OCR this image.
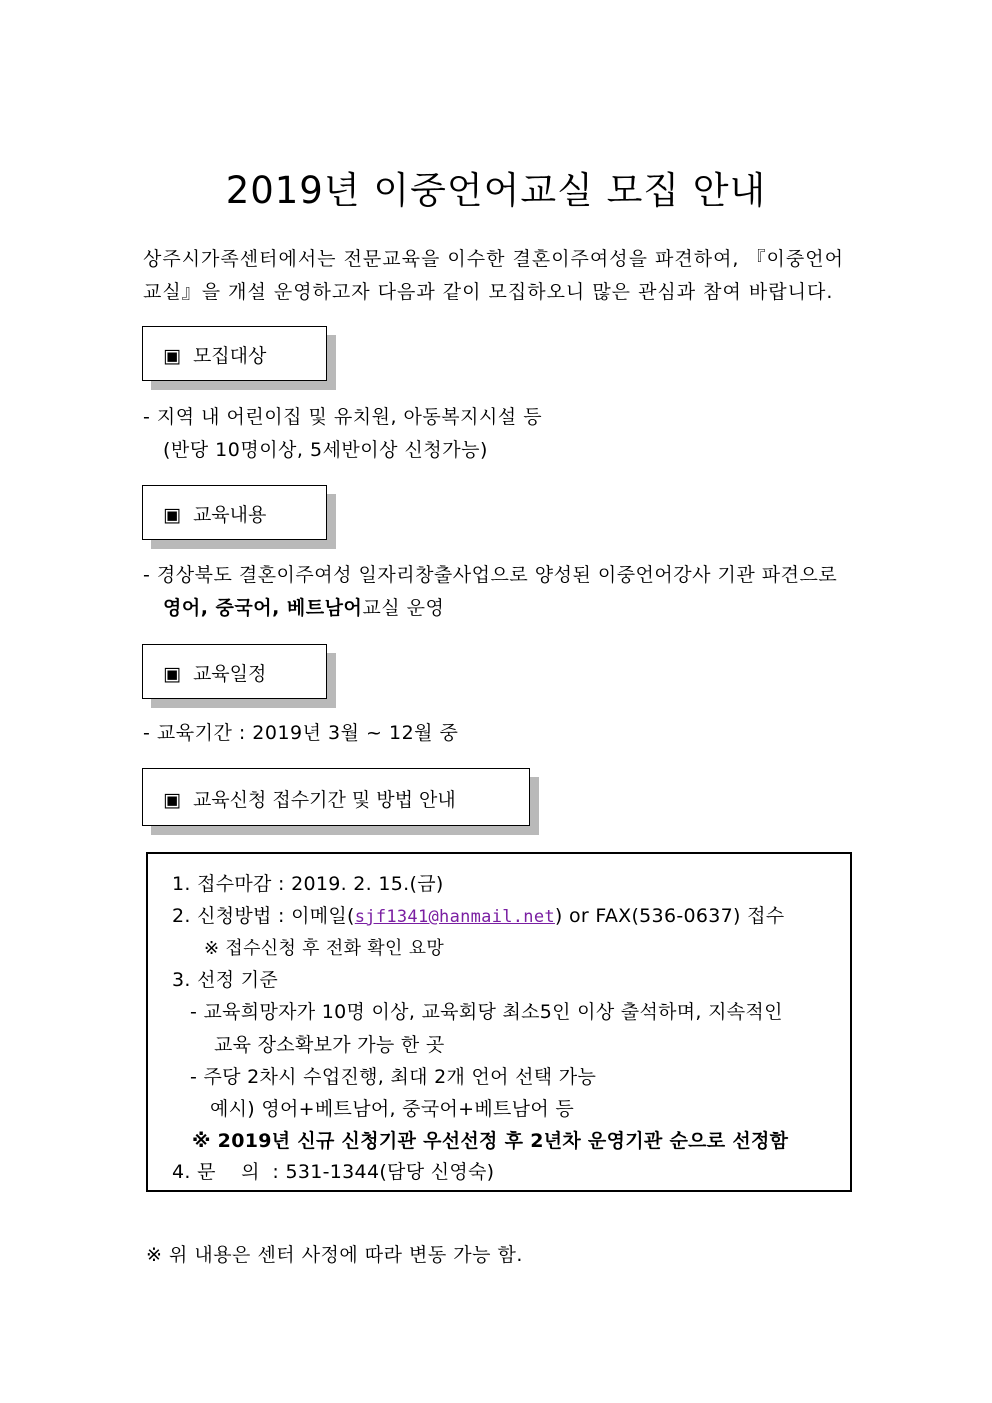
2019년 이중언어교실 모집 안내
상주시가족센터에서는 전문교육을 이수한 결혼이주여성을 파견하여, 『이중언어
교실』을 개설 운영하고자 다음과 같이 모집하오니 많은 관심과 참여 바랍니다.
▣ 모집대상
- 지역 내 어린이집 및 유치원, 아동복지시설 등
(반당 10명이상, 5세반이상 신청가능)
▣ 교육내용
- 경상북도 결혼이주여성 일자리창출사업으로 양성된 이중언어강사 기관 파견으로
영어, 중국어, 베트남어교실 운영
▣ 교육일정
- 교육기간 : 2019년 3월 ~ 12월 중
▣ 교육신청 접수기간 및 방법 안내
1. 접수마감 : 2019. 2. 15.(금)
2. 신청방법 : 이메일(sjf1341@hanmail.net) or FAX(536-0637) 접수
※ 접수신청 후 전화 확인 요망
3. 선정 기준
- 교육희망자가 10명 이상, 교육회당 최소5인 이상 출석하며, 지속적인
교육 장소확보가 가능 한 곳
- 주당 2차시 수업진행, 최대 2개 언어 선택 가능
예시) 영어+베트남어, 중국어+베트남어 등
※ 2019년 신규 신청기관 우선선정 후 2년차 운영기관 순으로 선정함
4. 문    의  : 531-1344(담당 신영숙)
※ 위 내용은 센터 사정에 따라 변동 가능 함.
